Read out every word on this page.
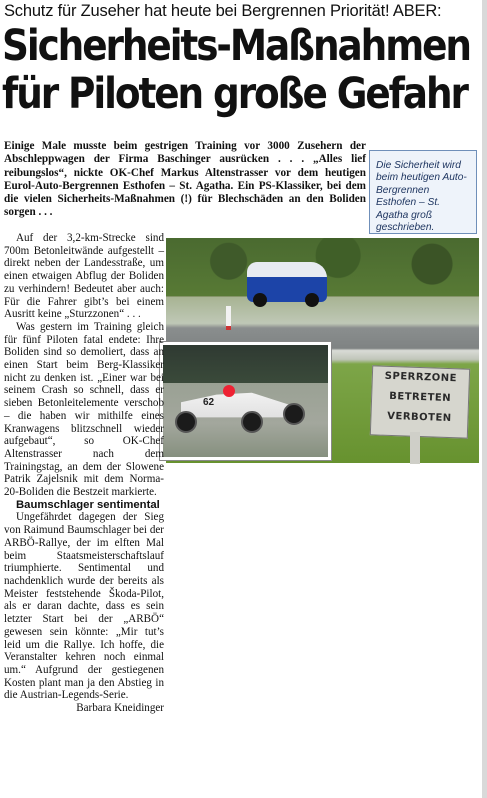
Schutz für Zuseher hat heute bei Bergrennen Priorität! ABER:
Sicherheits-Maßnahmen
für Piloten große Gefahr
Einige Male musste beim gestrigen Training vor 3000 Zusehern der Abschleppwagen der Firma Baschinger ausrücken . . . „Alles lief reibungslos“, nickte OK-Chef Markus Altenstrasser vor dem heutigen Eurol-Auto-Bergrennen Esthofen – St. Agatha. Ein PS-Klassiker, bei dem die vielen Sicherheits-Maßnahmen (!) für Blechschäden an den Boliden sorgen . . .
Die Sicherheit wird beim heutigen Auto-Bergrennen Esthofen – St. Agatha groß geschrieben.
62
SPERRZONE
BETRETEN
VERBOTEN

Auf der 3,2-km-Strecke sind 700m Betonleitwände aufgestellt – direkt neben der Landesstraße, um einen etwaigen Abflug der Boliden zu verhindern! Bedeutet aber auch: Für die Fahrer gibt’s bei einem Ausritt keine „Sturzzonen“ . . .

Was gestern im Training gleich für fünf Piloten fatal endete: Ihre Boliden sind so demoliert, dass an einen Start beim Berg-Klassiker nicht zu denken ist. „Einer war bei seinem Crash so schnell, dass er sieben Betonleitelemente verschob – die haben wir mithilfe eines Kranwagens blitzschnell wieder aufgebaut“, so OK-Chef Altenstrasser nach dem Trainingstag, an dem der Slowene Patrik Zajelsnik mit dem Norma-20-Boliden die Bestzeit markierte.

Baumschlager sentimental

Ungefährdet dagegen der Sieg von Raimund Baumschlager bei der ARBÖ-Rallye, der im elften Mal beim Staatsmeisterschaftslauf triumphierte. Sentimental und nachdenklich wurde der bereits als Meister feststehende Škoda-Pilot, als er daran dachte, dass es sein letzter Start bei der „ARBÖ“ gewesen sein könnte: „Mir tut’s leid um die Rallye. Ich hoffe, die Veranstalter kehren noch einmal um.“ Aufgrund der gestiegenen Kosten plant man ja den Abstieg in die Austrian-Legends-Serie.

Barbara Kneidinger
